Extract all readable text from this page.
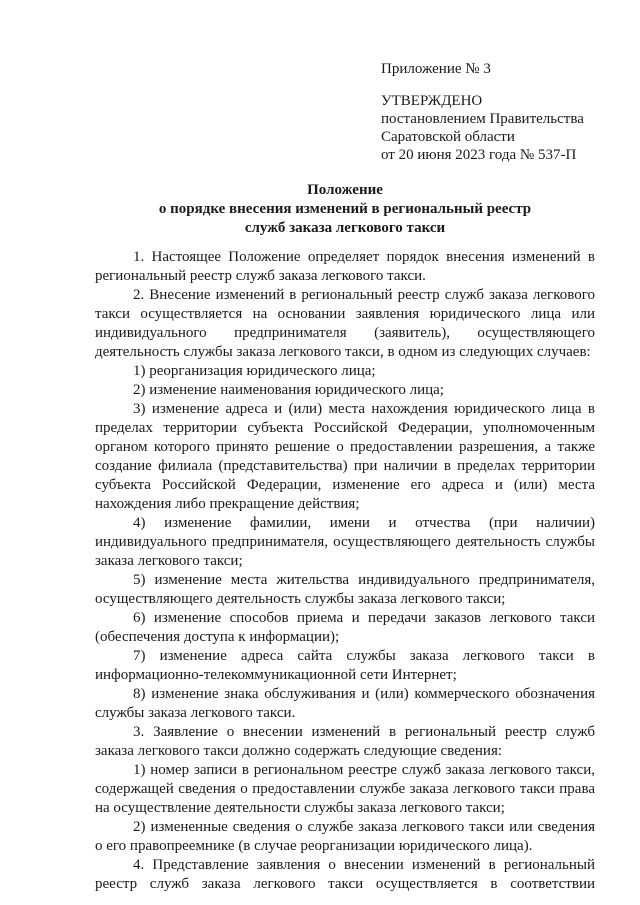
Приложение № 3
УТВЕРЖДЕНО
постановлением Правительства
Саратовской области
от 20 июня 2023 года № 537-П
Положение
о порядке внесения изменений в региональный реестр
служб заказа легкового такси

1. Настоящее Положение определяет порядок внесения изменений в региональный реестр служб заказа легкового такси.

2. Внесение изменений в региональный реестр служб заказа легкового такси осуществляется на основании заявления юридического лица или индивидуального предпринимателя (заявитель), осуществляющего деятельность службы заказа легкового такси, в одном из следующих случаев:

1) реорганизация юридического лица;

2) изменение наименования юридического лица;

3) изменение адреса и (или) места нахождения юридического лица в пределах территории субъекта Российской Федерации, уполномоченным органом которого принято решение о предоставлении разрешения, а также создание филиала (представительства) при наличии в пределах территории субъекта Российской Федерации, изменение его адреса и (или) места нахождения либо прекращение действия;

4) изменение фамилии, имени и отчества (при наличии) индивидуального предпринимателя, осуществляющего деятельность службы заказа легкового такси;

5) изменение места жительства индивидуального предпринимателя, осуществляющего деятельность службы заказа легкового такси;

6) изменение способов приема и передачи заказов легкового такси (обеспечения доступа к информации);

7) изменение адреса сайта службы заказа легкового такси в информационно-телекоммуникационной сети Интернет;

8) изменение знака обслуживания и (или) коммерческого обозначения службы заказа легкового такси.

3. Заявление о внесении изменений в региональный реестр служб заказа легкового такси должно содержать следующие сведения:

1) номер записи в региональном реестре служб заказа легкового такси, содержащей сведения о предоставлении службе заказа легкового такси права на осуществление деятельности службы заказа легкового такси;

2) измененные сведения о службе заказа легкового такси или сведения о его правопреемнике (в случае реорганизации юридического лица).

4. Представление заявления о внесении изменений в региональный реестр служб заказа легкового такси осуществляется в соответствии
